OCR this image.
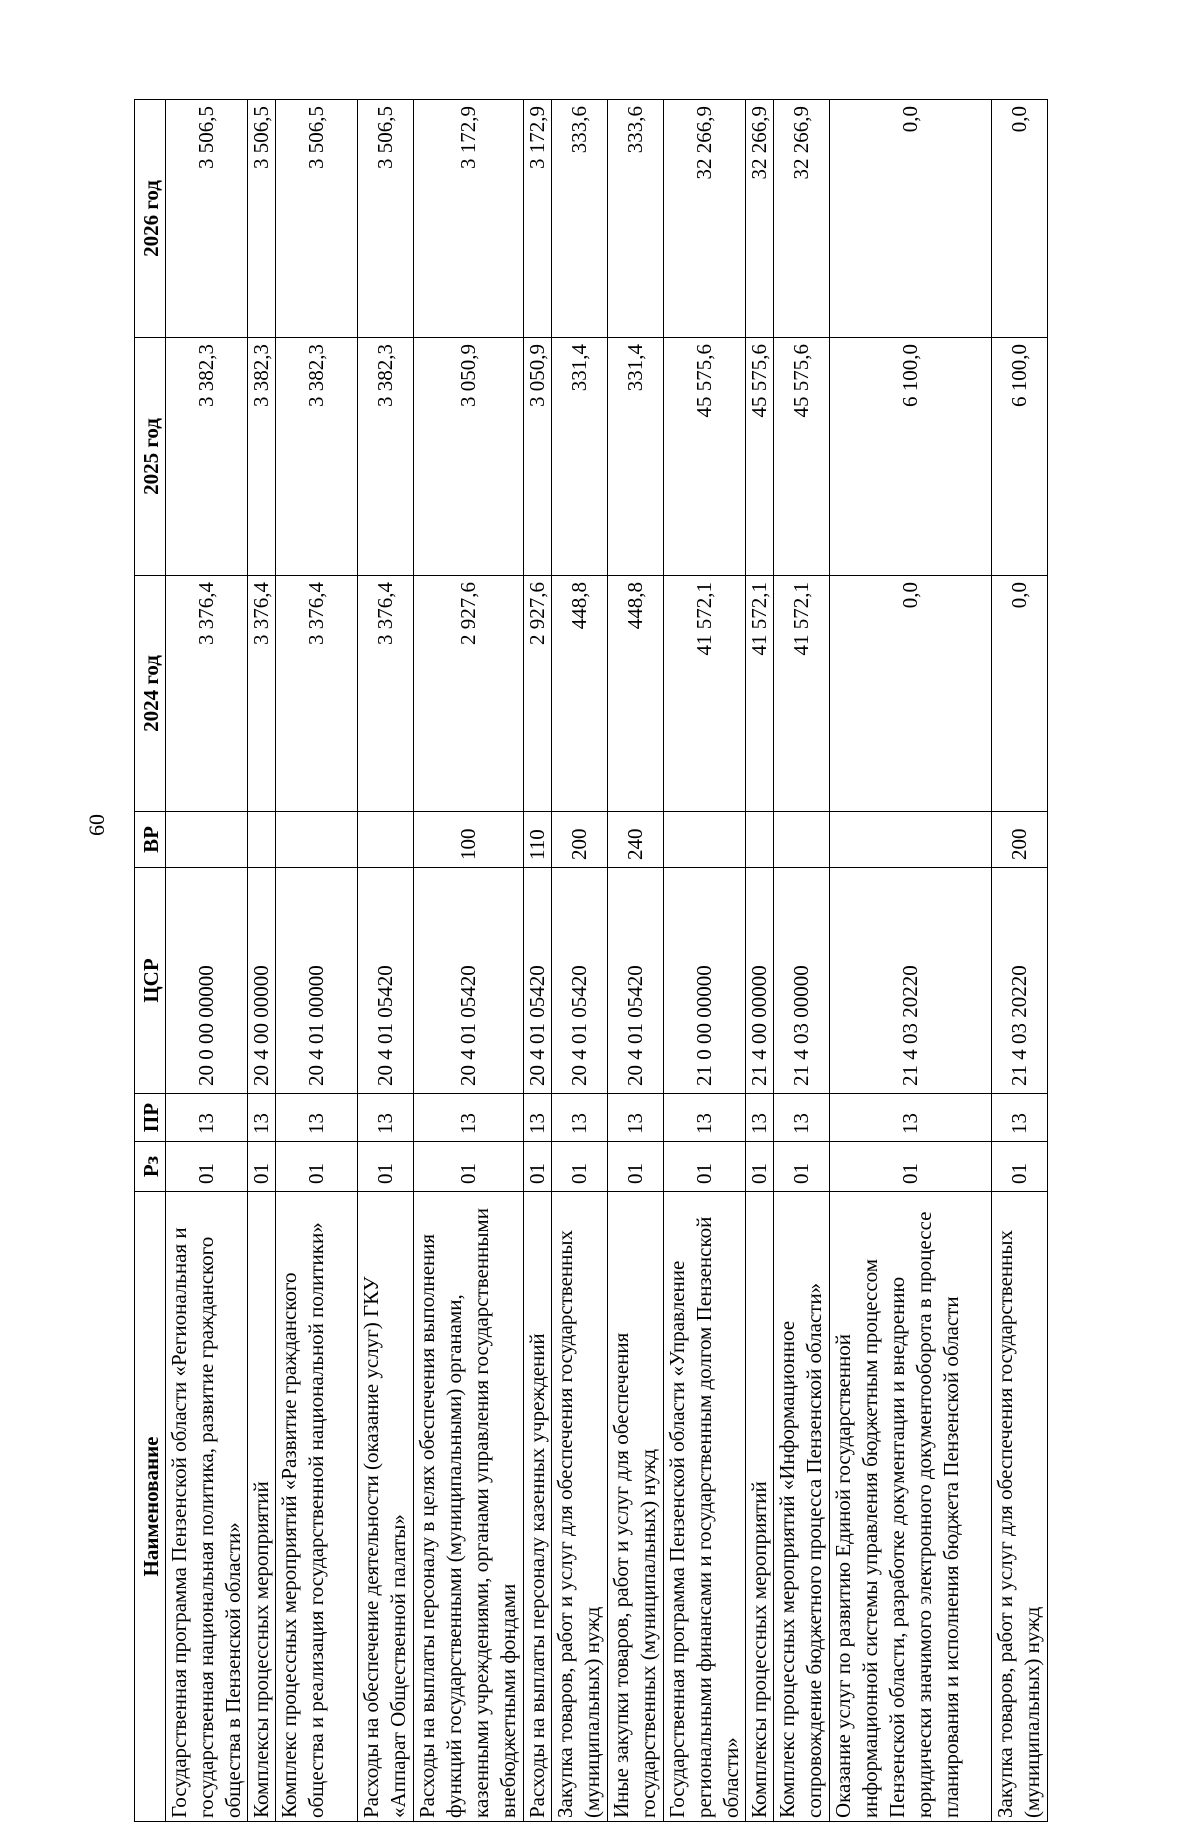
60
Наименование	Рз	ПР	ЦСР	ВР	2024 год	2025 год	2026 год
Государственная программа Пензенской области «Региональная и государственная национальная политика, развитие гражданского общества в Пензенской области»	01	13	20 0 00 00000		3 376,4	3 382,3	3 506,5
Комплексы процессных мероприятий	01	13	20 4 00 00000		3 376,4	3 382,3	3 506,5
Комплекс процессных мероприятий «Развитие гражданского общества и реализация государственной национальной политики»	01	13	20 4 01 00000		3 376,4	3 382,3	3 506,5
Расходы на обеспечение деятельности (оказание услуг) ГКУ «Аппарат Общественной палаты»	01	13	20 4 01 05420		3 376,4	3 382,3	3 506,5
Расходы на выплаты персоналу в целях обеспечения выполнения функций государственными (муниципальными) органами, казенными учреждениями, органами управления государственными внебюджетными фондами	01	13	20 4 01 05420	100	2 927,6	3 050,9	3 172,9
Расходы на выплаты персоналу казенных учреждений	01	13	20 4 01 05420	110	2 927,6	3 050,9	3 172,9
Закупка товаров, работ и услуг для обеспечения государственных (муниципальных) нужд	01	13	20 4 01 05420	200	448,8	331,4	333,6
Иные закупки товаров, работ и услуг для обеспечения государственных (муниципальных) нужд	01	13	20 4 01 05420	240	448,8	331,4	333,6
Государственная программа Пензенской области «Управление региональными финансами и государственным долгом Пензенской области»	01	13	21 0 00 00000		41 572,1	45 575,6	32 266,9
Комплексы процессных мероприятий	01	13	21 4 00 00000		41 572,1	45 575,6	32 266,9
Комплекс процессных мероприятий «Информационное сопровождение бюджетного процесса Пензенской области»	01	13	21 4 03 00000		41 572,1	45 575,6	32 266,9
Оказание услуг по развитию Единой государственной информационной системы управления бюджетным процессом Пензенской области, разработке документации и внедрению юридически значимого электронного документооборота в процессе планирования и исполнения бюджета Пензенской области	01	13	21 4 03 20220		0,0	6 100,0	0,0
Закупка товаров, работ и услуг для обеспечения государственных (муниципальных) нужд	01	13	21 4 03 20220	200	0,0	6 100,0	0,0
